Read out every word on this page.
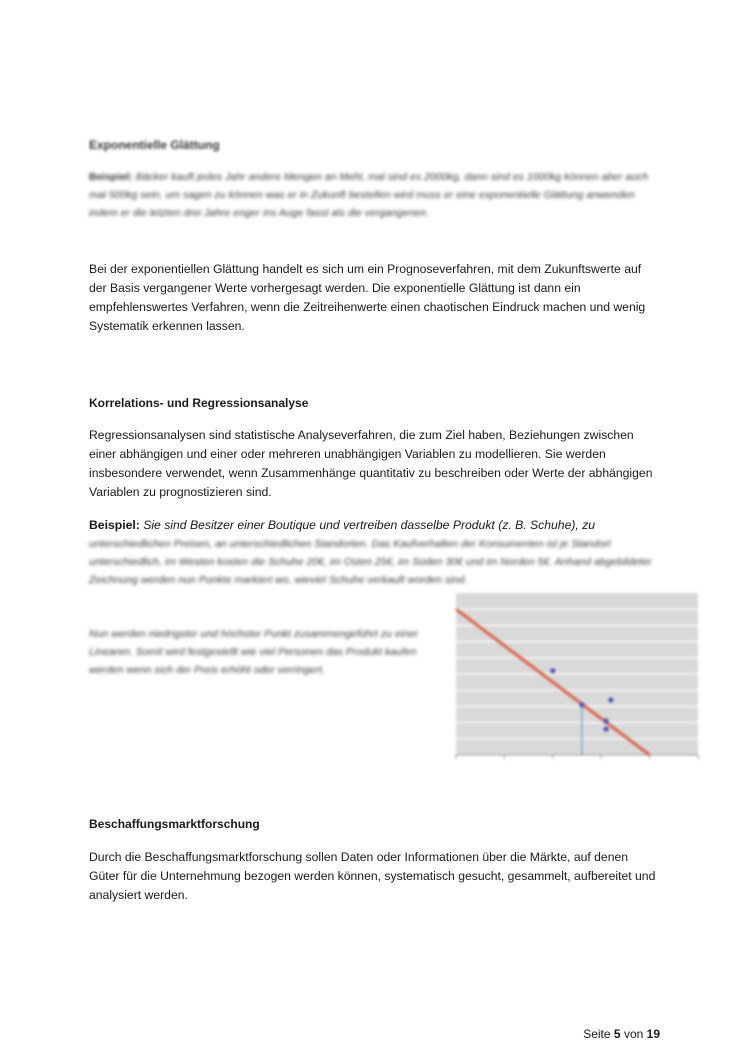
Exponentielle Glättung
Beispiel: Bäcker kauft jedes Jahr andere Mengen an Mehl, mal sind es 2000kg, dann sind es 1000kg können aber auch mal 500kg sein, um sagen zu können was er in Zukunft bestellen wird muss er eine exponentielle Glättung anwenden indem er die letzten drei Jahre enger ins Auge fasst als die vergangenen.
Bei der exponentiellen Glättung handelt es sich um ein Prognoseverfahren, mit dem Zukunftswerte auf der Basis vergangener Werte vorhergesagt werden. Die exponentielle Glättung ist dann ein empfehlenswertes Verfahren, wenn die Zeitreihenwerte einen chaotischen Eindruck machen und wenig Systematik erkennen lassen.
Korrelations- und Regressionsanalyse
Regressionsanalysen sind statistische Analyseverfahren, die zum Ziel haben, Beziehungen zwischen einer abhängigen und einer oder mehreren unabhängigen Variablen zu modellieren. Sie werden insbesondere verwendet, wenn Zusammenhänge quantitativ zu beschreiben oder Werte der abhängigen Variablen zu prognostizieren sind.
Beispiel: Sie sind Besitzer einer Boutique und vertreiben dasselbe Produkt (z. B. Schuhe), zu
unterschiedlichen Preisen, an unterschiedlichen Standorten. Das Kaufverhalten der Konsumenten ist je Standort unterschiedlich, im Westen kosten die Schuhe 20€, im Osten 25€, im Süden 30€ und im Norden 5€. Anhand abgebildeter Zeichnung werden nun Punkte markiert wo, wieviel Schuhe verkauft worden sind.
Nun werden niedrigster und höchster Punkt zusammengeführt zu einer Linearen. Somit wird festgestellt wie viel Personen das Produkt kaufen werden wenn sich der Preis erhöht oder verringert.
Beschaffungsmarktforschung
Durch die Beschaffungsmarktforschung sollen Daten oder Informationen über die Märkte, auf denen Güter für die Unternehmung bezogen werden können, systematisch gesucht, gesammelt, aufbereitet und analysiert werden.
Seite 5 von 19
